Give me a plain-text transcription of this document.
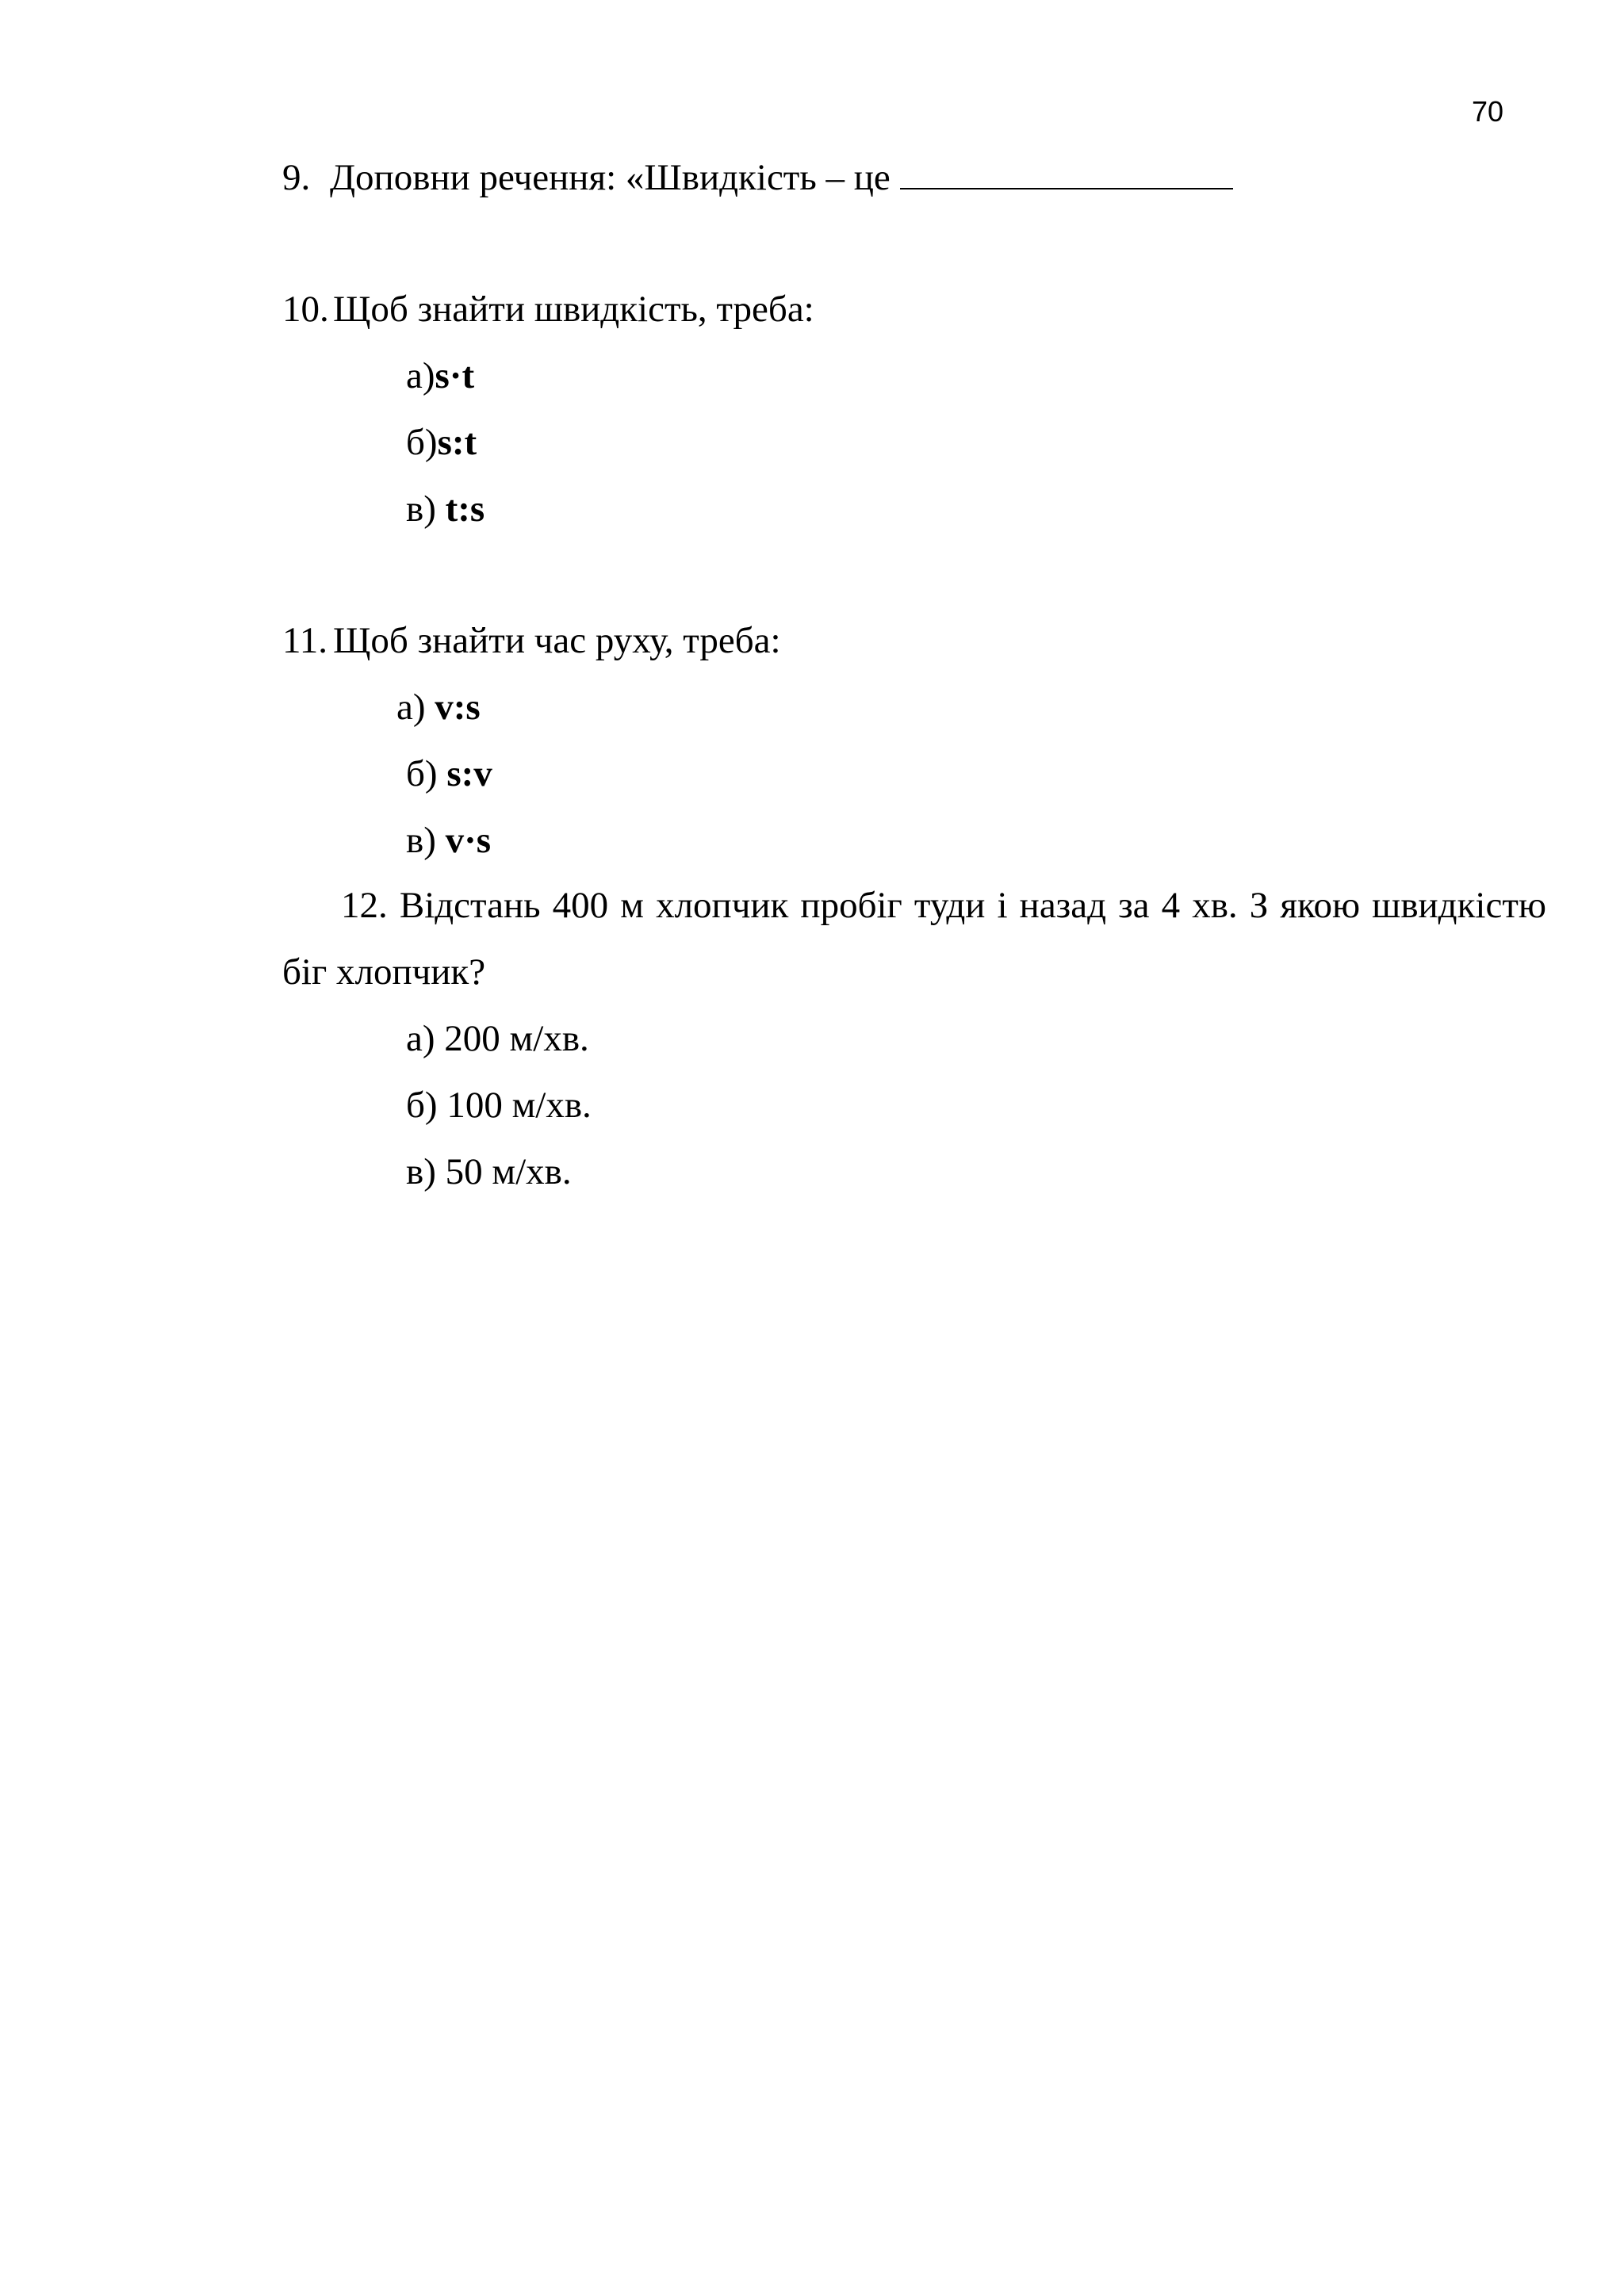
70
9. Доповни речення: «Швидкість – це
10. Щоб знайти швидкість, треба:
а)s·t
б)s:t
в) t:s
11. Щоб знайти час руху, треба:
а) v:s
б) s:v
в) v·s
12. Відстань 400 м хлопчик пробіг туди і назад за 4 хв. З якою швидкістю
біг хлопчик?
а) 200 м/хв.
б) 100 м/хв.
в) 50 м/хв.
